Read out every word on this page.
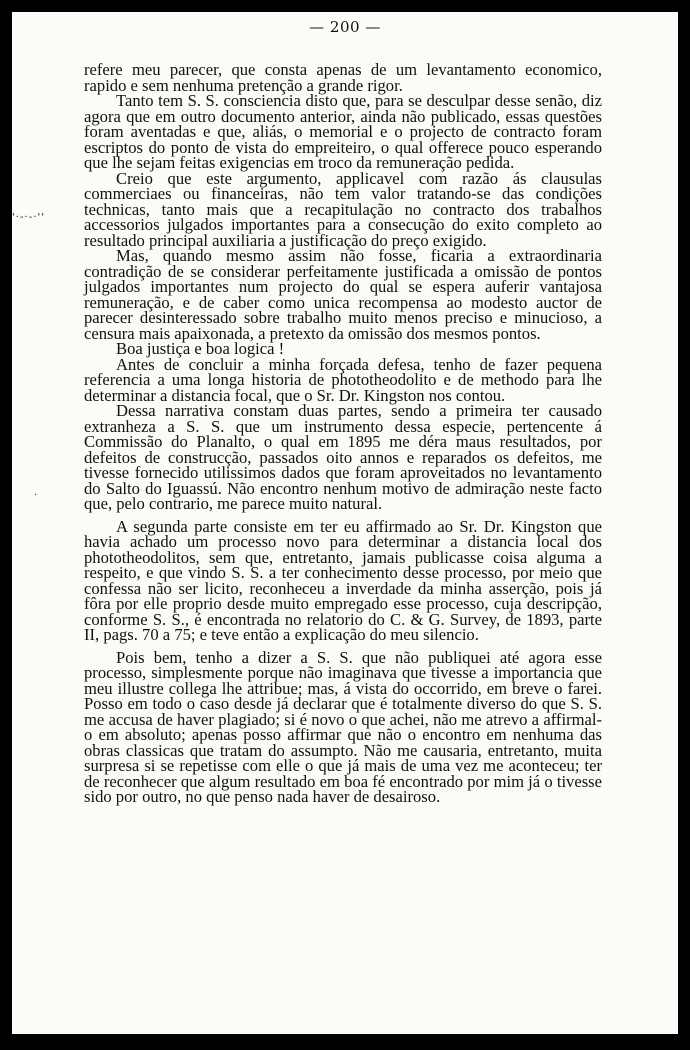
— 200 —
'·-·-·''
·

refere meu parecer, que consta apenas de um levantamento economico, rapido e sem nenhuma pretenção a grande rigor.

Tanto tem S. S. consciencia disto que, para se desculpar desse senão, diz agora que em outro documento anterior, ainda não publicado, essas questões foram aventadas e que, aliás, o memorial e o projecto de contracto foram escriptos do ponto de vista do empreiteiro, o qual offerece pouco esperando que lhe sejam feitas exigencias em troco da remuneração pedida.

Creio que este argumento, applicavel com razão ás clausulas commerciaes ou financeiras, não tem valor tratando-se das condições technicas, tanto mais que a recapitulação no contracto dos trabalhos accessorios julgados importantes para a consecução do exito completo ao resultado principal auxiliaria a justificação do preço exigido.

Mas, quando mesmo assim não fosse, ficaria a extraordinaria contradição de se considerar perfeitamente justificada a omissão de pontos julgados importantes num projecto do qual se espera auferir vantajosa remuneração, e de caber como unica recompensa ao modesto auctor de parecer desinteressado sobre trabalho muito menos preciso e minucioso, a censura mais apaixonada, a pretexto da omissão dos mesmos pontos.

Boa justiça e boa logica !

Antes de concluir a minha forçada defesa, tenho de fazer pequena referencia a uma longa historia de phototheodolito e de methodo para lhe determinar a distancia focal, que o Sr. Dr. Kingston nos contou.

Dessa narrativa constam duas partes, sendo a primeira ter causado extranheza a S. S. que um instrumento dessa especie, pertencente á Commissão do Planalto, o qual em 1895 me déra maus resultados, por defeitos de construcção, passados oito annos e reparados os defeitos, me tivesse fornecido utilissimos dados que foram aproveitados no levantamento do Salto do Iguassú. Não encontro nenhum motivo de admiração neste facto que, pelo contrario, me parece muito natural.

A segunda parte consiste em ter eu affirmado ao Sr. Dr. Kingston que havia achado um processo novo para determinar a distancia local dos phototheodolitos, sem que, entretanto, jamais publicasse coisa alguma a respeito, e que vindo S. S. a ter conhecimento desse processo, por meio que confessa não ser licito, reconheceu a inverdade da minha asserção, pois já fôra por elle proprio desde muito empregado esse processo, cuja descripção, conforme S. S., é encontrada no relatorio do C. & G. Survey, de 1893, parte II, pags. 70 a 75; e teve então a explicação do meu silencio.

Pois bem, tenho a dizer a S. S. que não publiquei até agora esse processo, simplesmente porque não imaginava que tivesse a importancia que meu illustre collega lhe attribue; mas, á vista do occorrido, em breve o farei. Posso em todo o caso desde já declarar que é totalmente diverso do que S. S. me accusa de haver plagiado; si é novo o que achei, não me atrevo a affirmal-o em absoluto; apenas posso affirmar que não o encontro em nenhuma das obras classicas que tratam do assumpto. Não me causaria, entretanto, muita surpresa si se repetisse com elle o que já mais de uma vez me aconteceu; ter de reconhecer que algum resultado em boa fé encontrado por mim já o tivesse sido por outro, no que penso nada haver de desairoso.
